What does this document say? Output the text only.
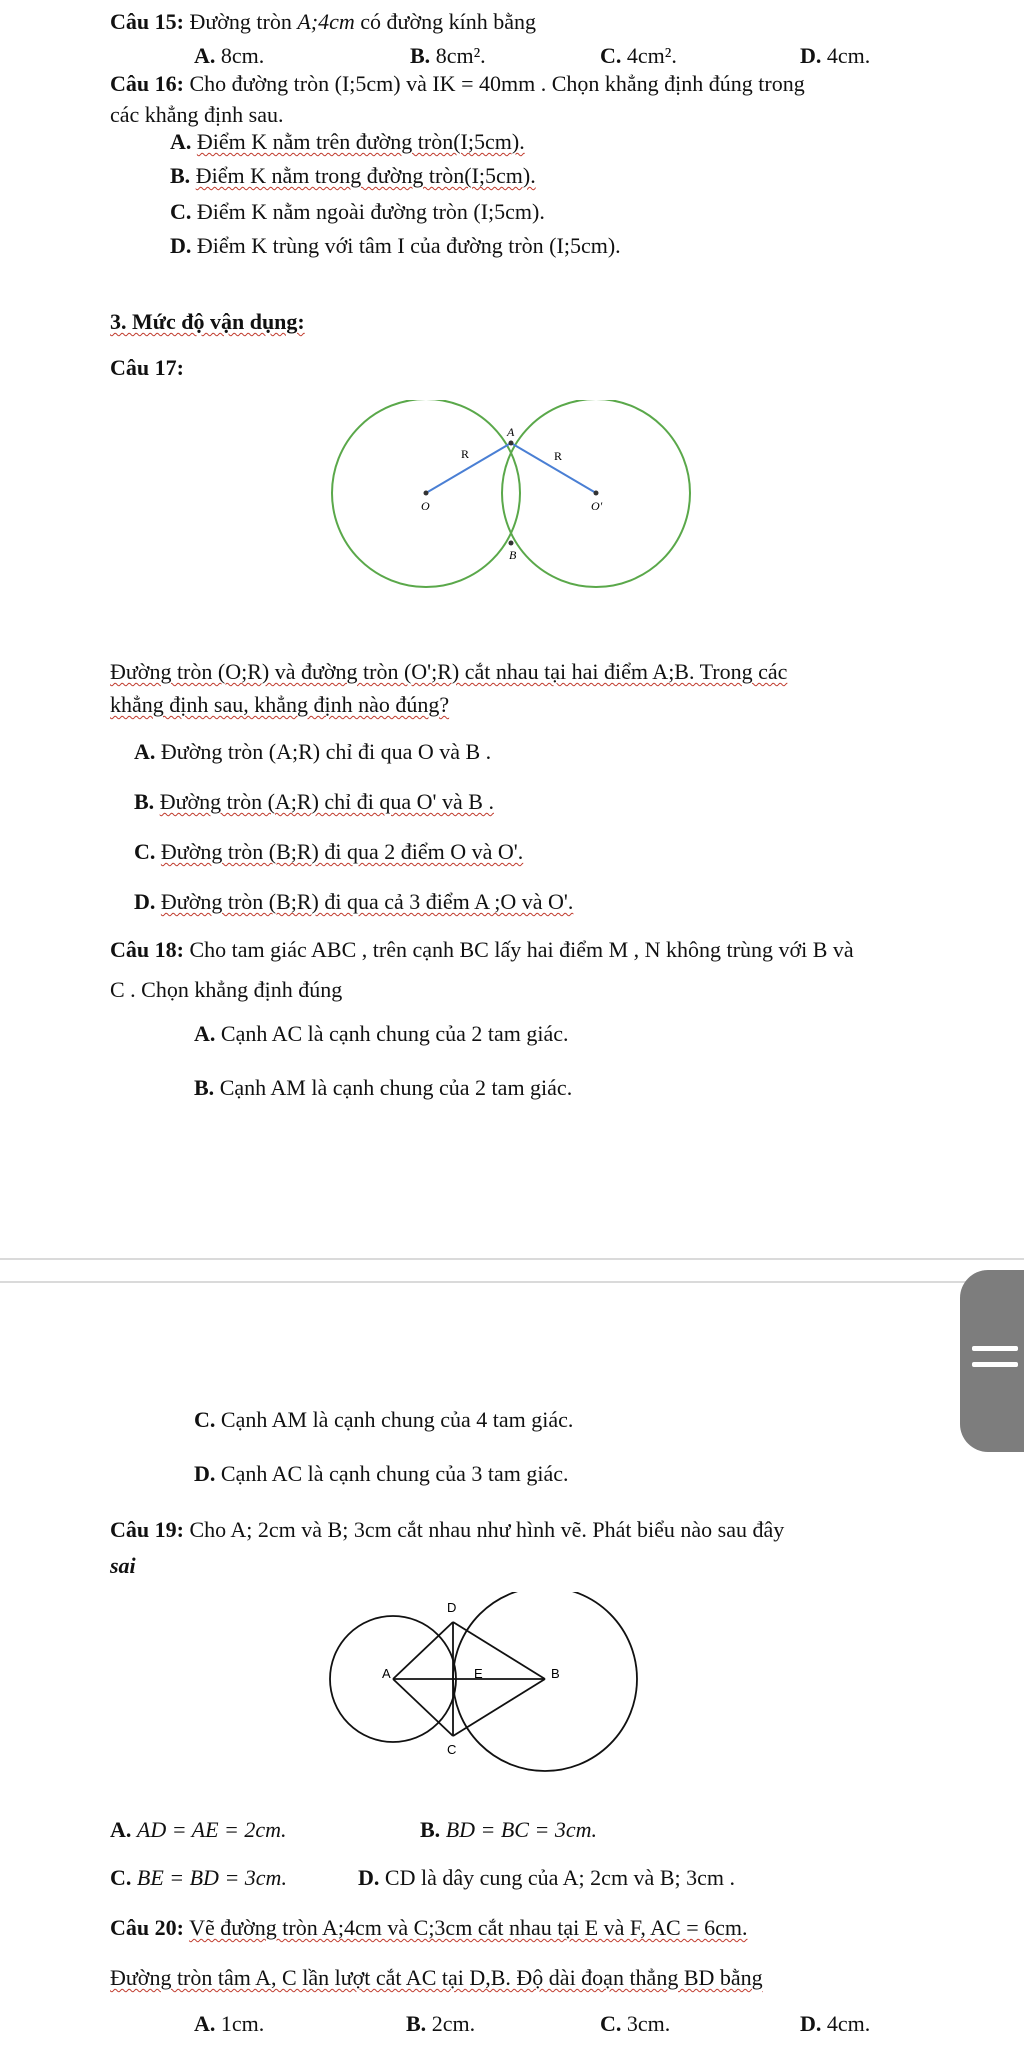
Câu 15: Đường tròn A;4cm có đường kính bằng
A. 8cm.	B. 8cm².	C. 4cm².	D. 4cm.
Câu 16: Cho đường tròn (I;5cm) và IK = 40mm . Chọn khẳng định đúng trong
các khẳng định sau.
A. Điểm K nằm trên đường tròn(I;5cm).
B. Điểm K nằm trong đường tròn(I;5cm).
C. Điểm K nằm ngoài đường tròn (I;5cm).
D. Điểm K trùng với tâm I của đường tròn (I;5cm).
3. Mức độ vận dụng:
Câu 17:
A
B
O	O'
R	R
Đường tròn (O;R) và đường tròn (O';R) cắt nhau tại hai điểm A;B. Trong các
khẳng định sau, khẳng định nào đúng?
A. Đường tròn (A;R) chỉ đi qua O và B .
B. Đường tròn (A;R) chỉ đi qua O' và B .
C. Đường tròn (B;R) đi qua 2 điểm O và O'.
D. Đường tròn (B;R) đi qua cả 3 điểm A ;O và O'.
Câu 18: Cho tam giác ABC , trên cạnh BC lấy hai điểm M , N không trùng với B và
C . Chọn khẳng định đúng
A. Cạnh AC là cạnh chung của 2 tam giác.
B. Cạnh AM là cạnh chung của 2 tam giác.
C. Cạnh AM là cạnh chung của 4 tam giác.
D. Cạnh AC là cạnh chung của 3 tam giác.
Câu 19: Cho A; 2cm và B; 3cm cắt nhau như hình vẽ. Phát biểu nào sau đây
sai
D
A	E	B
C
A. AD = AE = 2cm.	B. BD = BC = 3cm.
C. BE = BD = 3cm.	D. CD là dây cung của A; 2cm và B; 3cm .
Câu 20: Vẽ đường tròn A;4cm và C;3cm cắt nhau tại E và F, AC = 6cm.
Đường tròn tâm A, C lần lượt cắt AC tại D,B. Độ dài đoạn thẳng BD bằng
A. 1cm.	B. 2cm.	C. 3cm.	D. 4cm.
